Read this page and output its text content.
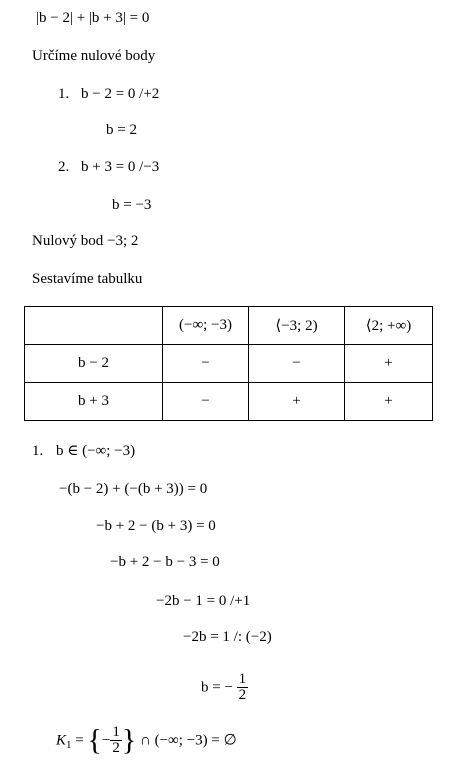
|b − 2| + |b + 3| = 0
Určíme nulové body
1. b − 2 = 0 /+2
b = 2
2. b + 3 = 0 /−3
b = −3
Nulový bod −3; 2
Sestavíme tabulku
	(−∞; −3)	⟨−3; 2)	⟨2; +∞)
b − 2	−	−	+
b + 3	−	+	+
1. b ∈ (−∞; −3)
−(b − 2) + (−(b + 3)) = 0
−b + 2 − (b + 3) = 0
−b + 2 − b − 3 = 0
−2b − 1 = 0 /+1
−2b = 1 /: (−2)
b = − $\frac{1}{2}$
$K_1$ = {− $\frac{1}{2}$ } ∩ (−∞; −3) = ∅
